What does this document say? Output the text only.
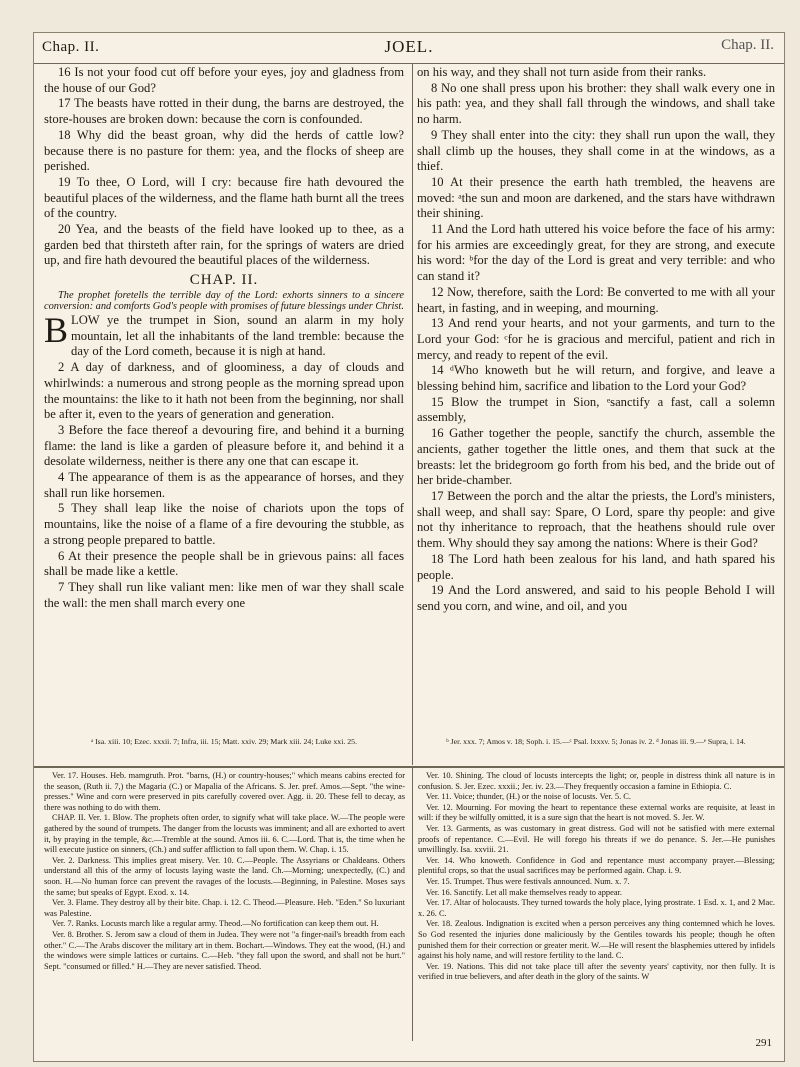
Chap. II.	JOEL.	Chap. II.

16 Is not your food cut off before your eyes, joy and gladness from the house of our God?

17 The beasts have rotted in their dung, the barns are destroyed, the store-houses are broken down: because the corn is confounded.

18 Why did the beast groan, why did the herds of cattle low? because there is no pasture for them: yea, and the flocks of sheep are perished.

19 To thee, O Lord, will I cry: because fire hath devoured the beautiful places of the wilderness, and the flame hath burnt all the trees of the country.

20 Yea, and the beasts of the field have looked up to thee, as a garden bed that thirsteth after rain, for the springs of waters are dried up, and fire hath devoured the beautiful places of the wilderness.

CHAP. II.

The prophet foretells the terrible day of the Lord: exhorts sinners to a sincere conversion: and comforts God's people with promises of future blessings under Christ.

BLOW ye the trumpet in Sion, sound an alarm in my holy mountain, let all the inhabitants of the land tremble: because the day of the Lord cometh, because it is nigh at hand.

2 A day of darkness, and of gloominess, a day of clouds and whirlwinds: a numerous and strong people as the morning spread upon the mountains: the like to it hath not been from the beginning, nor shall be after it, even to the years of generation and generation.

3 Before the face thereof a devouring fire, and behind it a burning flame: the land is like a garden of pleasure before it, and behind it a desolate wilderness, neither is there any one that can escape it.

4 The appearance of them is as the appearance of horses, and they shall run like horsemen.

5 They shall leap like the noise of chariots upon the tops of mountains, like the noise of a flame of a fire devouring the stubble, as a strong people prepared to battle.

6 At their presence the people shall be in grievous pains: all faces shall be made like a kettle.

7 They shall run like valiant men: like men of war they shall scale the wall: the men shall march every one

ᵃ Isa. xiii. 10; Ezec. xxxii. 7; Infra, iii. 15; Matt. xxiv. 29; Mark xiii. 24; Luke xxi. 25.

on his way, and they shall not turn aside from their ranks.

8 No one shall press upon his brother: they shall walk every one in his path: yea, and they shall fall through the windows, and shall take no harm.

9 They shall enter into the city: they shall run upon the wall, they shall climb up the houses, they shall come in at the windows, as a thief.

10 At their presence the earth hath trembled, the heavens are moved: ᵃthe sun and moon are darkened, and the stars have withdrawn their shining.

11 And the Lord hath uttered his voice before the face of his army: for his armies are exceedingly great, for they are strong, and execute his word: ᵇfor the day of the Lord is great and very terrible: and who can stand it?

12 Now, therefore, saith the Lord: Be converted to me with all your heart, in fasting, and in weeping, and mourning.

13 And rend your hearts, and not your garments, and turn to the Lord your God: ᶜfor he is gracious and merciful, patient and rich in mercy, and ready to repent of the evil.

14 ᵈWho knoweth but he will return, and forgive, and leave a blessing behind him, sacrifice and libation to the Lord your God?

15 Blow the trumpet in Sion, ᵉsanctify a fast, call a solemn assembly,

16 Gather together the people, sanctify the church, assemble the ancients, gather together the little ones, and them that suck at the breasts: let the bridegroom go forth from his bed, and the bride out of her bride-chamber.

17 Between the porch and the altar the priests, the Lord's ministers, shall weep, and shall say: Spare, O Lord, spare thy people: and give not thy inheritance to reproach, that the heathens should rule over them. Why should they say among the nations: Where is their God?

18 The Lord hath been zealous for his land, and hath spared his people.

19 And the Lord answered, and said to his people Behold I will send you corn, and wine, and oil, and you

ᵇ Jer. xxx. 7; Amos v. 18; Soph. i. 15.—ᶜ Psal. lxxxv. 5; Jonas iv. 2. ᵈ Jonas iii. 9.—ᵉ Supra, i. 14.

Ver. 17. Houses. Heb. mamgruth. Prot. "barns, (H.) or country-houses;" which means cabins erected for the season, (Ruth ii. 7,) the Magaria (C.) or Mapalia of the Africans. S. Jer. pref. Amos.—Sept. "the wine-presses." Wine and corn were preserved in pits carefully covered over. Agg. ii. 20. These fell to decay, as there was nothing to do with them.

CHAP. II. Ver. 1. Blow. The prophets often order, to signify what will take place. W.—The people were gathered by the sound of trumpets. The danger from the locusts was imminent; and all are exhorted to avert it, by praying in the temple, &c.—Tremble at the sound. Amos iii. 6. C.—Lord. That is, the time when he will execute justice on sinners, (Ch.) and suffer affliction to fall upon them. W. Chap. i. 15.

Ver. 2. Darkness. This implies great misery. Ver. 10. C.—People. The Assyrians or Chaldeans. Others understand all this of the army of locusts laying waste the land. Ch.—Morning; unexpectedly, (C.) and soon. H.—No human force can prevent the ravages of the locusts.—Beginning, in Palestine. Moses says the same; but speaks of Egypt. Exod. x. 14.

Ver. 3. Flame. They destroy all by their bite. Chap. i. 12. C. Theod.—Pleasure. Heb. "Eden." So luxuriant was Palestine.

Ver. 7. Ranks. Locusts march like a regular army. Theod.—No fortification can keep them out. H.

Ver. 8. Brother. S. Jerom saw a cloud of them in Judea. They were not "a finger-nail's breadth from each other." C.—The Arabs discover the military art in them. Bochart.—Windows. They eat the wood, (H.) and the windows were simple lattices or curtains. C.—Heb. "they fall upon the sword, and shall not be hurt." Sept. "consumed or filled." H.—They are never satisfied. Theod.

Ver. 10. Shining. The cloud of locusts intercepts the light; or, people in distress think all nature is in confusion. S. Jer. Ezec. xxxii.; Jer. iv. 23.—They frequently occasion a famine in Ethiopia. C.

Ver. 11. Voice; thunder, (H.) or the noise of locusts. Ver. 5. C.

Ver. 12. Mourning. For moving the heart to repentance these external works are requisite, at least in will: if they be wilfully omitted, it is a sure sign that the heart is not moved. S. Jer. W.

Ver. 13. Garments, as was customary in great distress. God will not be satisfied with mere external proofs of repentance. C.—Evil. He will forego his threats if we do penance. S. Jer.—He punishes unwillingly. Isa. xxviii. 21.

Ver. 14. Who knoweth. Confidence in God and repentance must accompany prayer.—Blessing; plentiful crops, so that the usual sacrifices may be performed again. Chap. i. 9.

Ver. 15. Trumpet. Thus were festivals announced. Num. x. 7.

Ver. 16. Sanctify. Let all make themselves ready to appear.

Ver. 17. Altar of holocausts. They turned towards the holy place, lying prostrate. 1 Esd. x. 1, and 2 Mac. x. 26. C.

Ver. 18. Zealous. Indignation is excited when a person perceives any thing contemned which he loves. So God resented the injuries done maliciously by the Gentiles towards his people; though he often punished them for their correction or greater merit. W.—He will resent the blasphemies uttered by infidels against his holy name, and will restore fertility to the land. C.

Ver. 19. Nations. This did not take place till after the seventy years' captivity, nor then fully. It is verified in true believers, and after death in the glory of the saints. W

291
